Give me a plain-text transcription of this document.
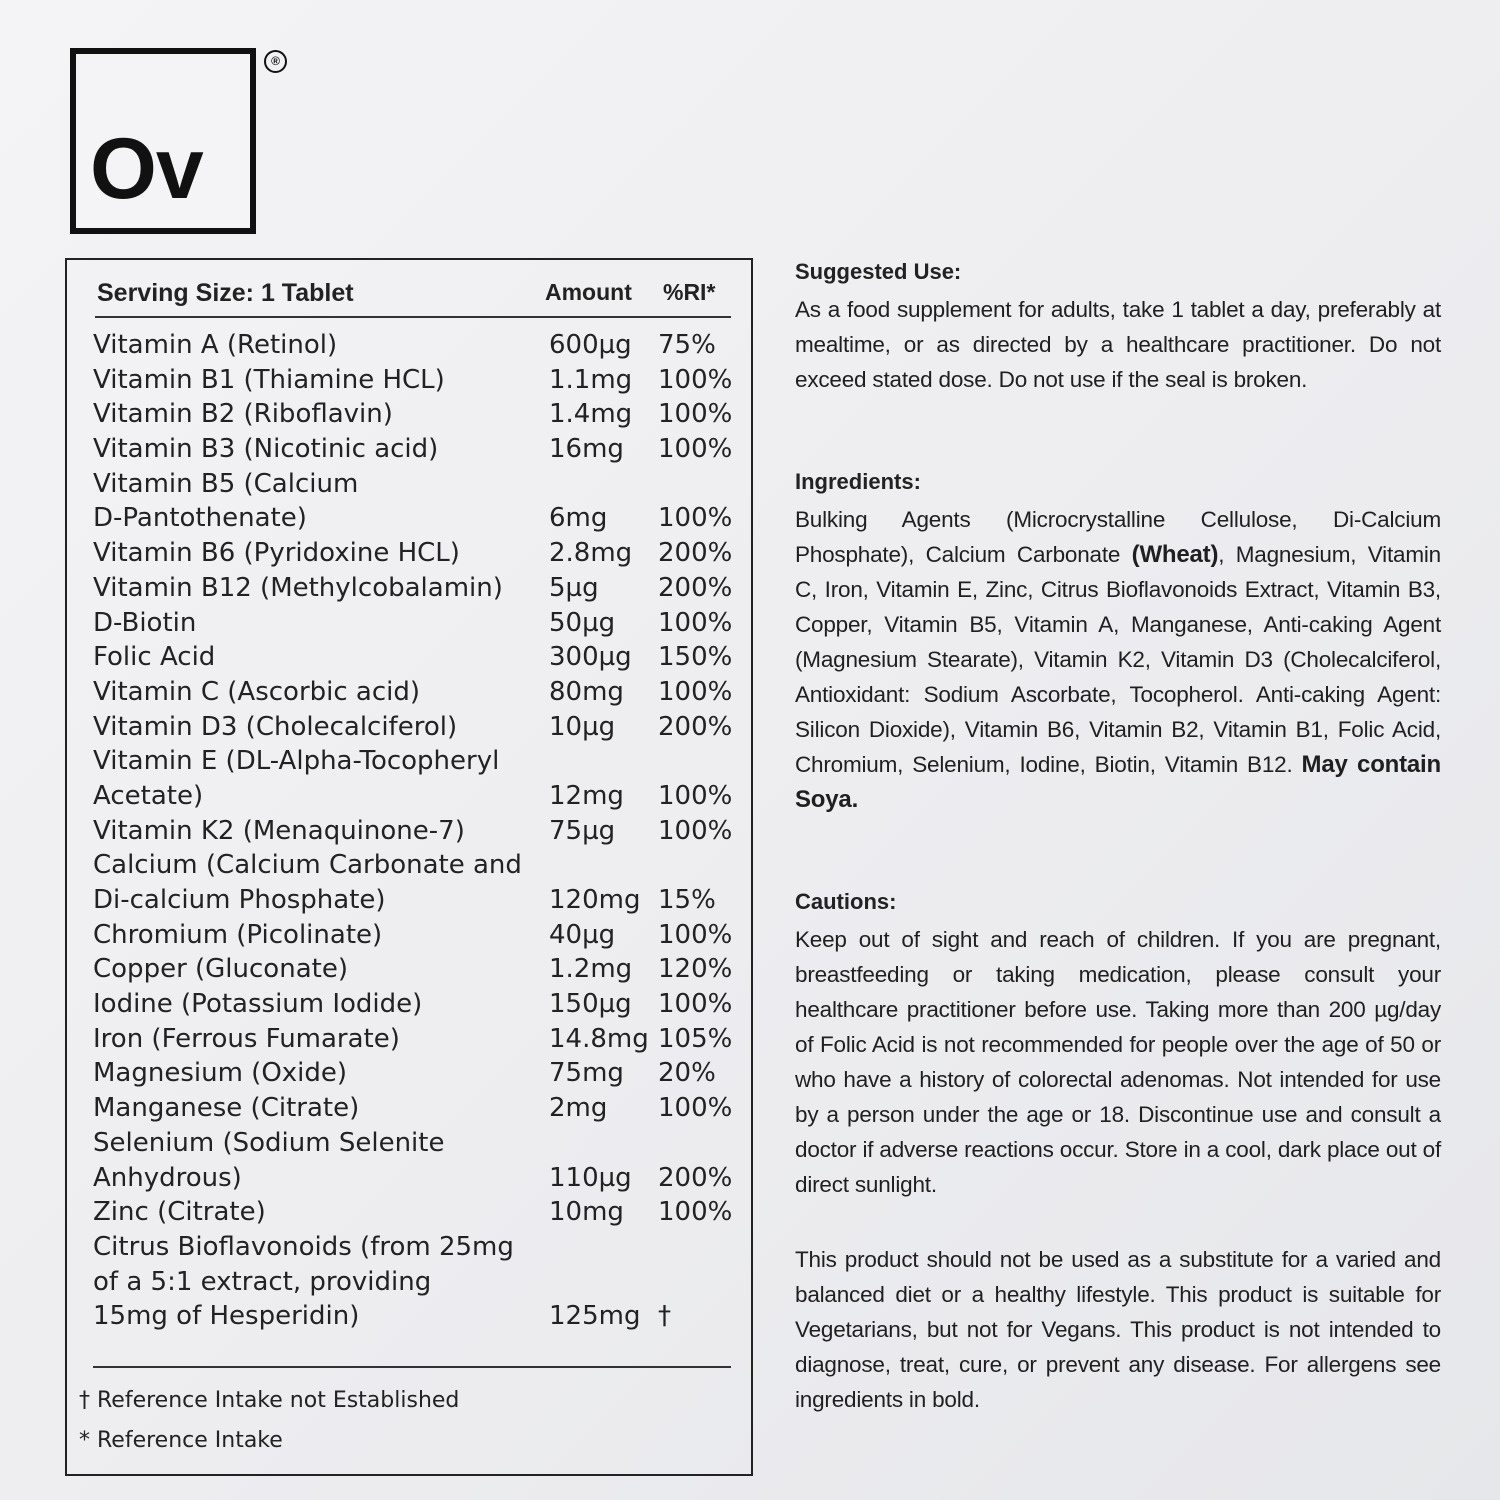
Ov
®
Serving Size: 1 Tablet	Amount %RI*
Vitamin A (Retinol)	600µg 75%
Vitamin B1 (Thiamine HCL)	1.1mg 100%
Vitamin B2 (Riboflavin)	1.4mg 100%
Vitamin B3 (Nicotinic acid)	16mg 100%
Vitamin B5 (Calcium
D-Pantothenate)	6mg 100%
Vitamin B6 (Pyridoxine HCL)	2.8mg 200%
Vitamin B12 (Methylcobalamin) 5µg 200%
D-Biotin	50µg 100%
Folic Acid	300µg 150%
Vitamin C (Ascorbic acid)	80mg 100%
Vitamin D3 (Cholecalciferol)	10µg 200%
Vitamin E (DL-Alpha-Tocopheryl
Acetate)	12mg 100%
Vitamin K2 (Menaquinone-7)	75µg 100%
Calcium (Calcium Carbonate and
Di-calcium Phosphate)	120mg 15%
Chromium (Picolinate)	40µg 100%
Copper (Gluconate)	1.2mg 120%
Iodine (Potassium Iodide)	150µg 100%
Iron (Ferrous Fumarate)	14.8mg 105%
Magnesium (Oxide)	75mg 20%
Manganese (Citrate)	2mg 100%
Selenium (Sodium Selenite
Anhydrous)	110µg 200%
Zinc (Citrate)	10mg 100%
Citrus Bioflavonoids (from 25mg
of a 5:1 extract, providing
15mg of Hesperidin)	125mg †
† Reference Intake not Established
* Reference Intake
Suggested Use:
As a food supplement for adults, take 1 tablet a day, preferably at mealtime, or as directed by a healthcare practitioner. Do not exceed stated dose. Do not use if the seal is broken.
Ingredients:
Bulking Agents (Microcrystalline Cellulose, Di-Calcium Phosphate), Calcium Carbonate (Wheat), Magnesium, Vitamin C, Iron, Vitamin E, Zinc, Citrus Bioflavonoids Extract, Vitamin B3, Copper, Vitamin B5, Vitamin A, Manganese, Anti-caking Agent (Magnesium Stearate), Vitamin K2, Vitamin D3 (Cholecalciferol, Antioxidant: Sodium Ascorbate, Tocopherol. Anti-caking Agent: Silicon Dioxide), Vitamin B6, Vitamin B2, Vitamin B1, Folic Acid, Chromium, Selenium, Iodine, Biotin, Vitamin B12. May contain Soya.
Cautions:
Keep out of sight and reach of children. If you are pregnant, breastfeeding or taking medication, please consult your healthcare practitioner before use. Taking more than 200 µg/day of Folic Acid is not recommended for people over the age of 50 or who have a history of colorectal adenomas. Not intended for use by a person under the age or 18. Discontinue use and consult a doctor if adverse reactions occur. Store in a cool, dark place out of direct sunlight.
This product should not be used as a substitute for a varied and balanced diet or a healthy lifestyle. This product is suitable for Vegetarians, but not for Vegans. This product is not intended to diagnose, treat, cure, or prevent any disease. For allergens see ingredients in bold.
